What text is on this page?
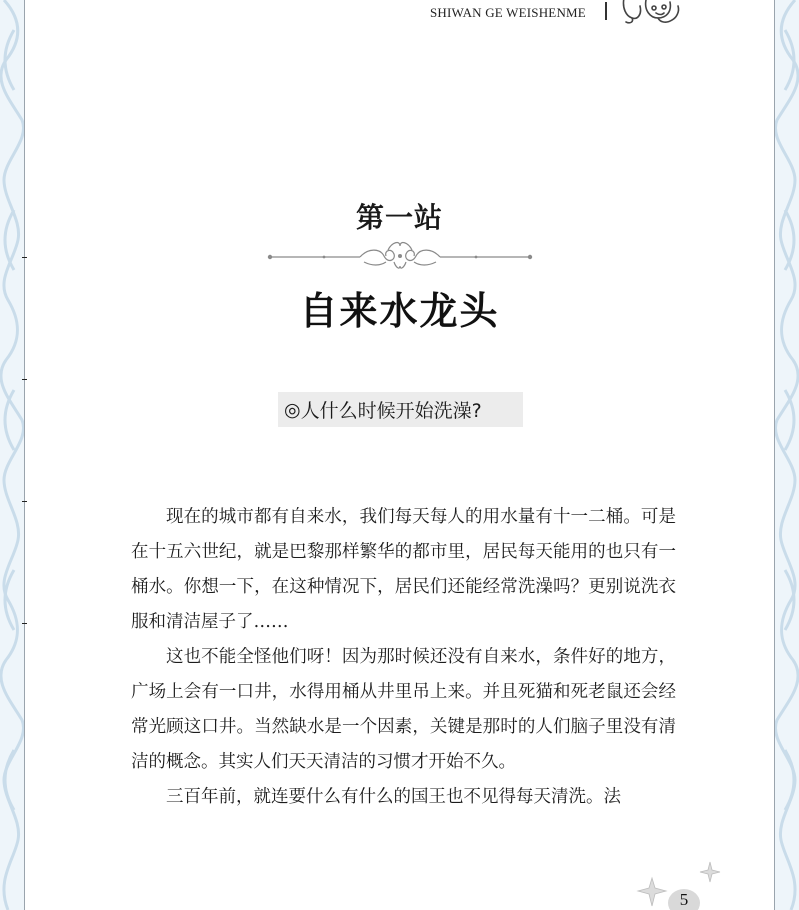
SHIWAN GE WEISHENME
第一站
自来水龙头
◎ 人什么时候开始洗澡?

现在的城市都有自来水，我们每天每人的用水量有十一二桶。可是在十五六世纪，就是巴黎那样繁华的都市里，居民每天能用的也只有一桶水。你想一下，在这种情况下，居民们还能经常洗澡吗？更别说洗衣服和清洁屋子了……

这也不能全怪他们呀！因为那时候还没有自来水，条件好的地方，广场上会有一口井，水得用桶从井里吊上来。并且死猫和死老鼠还会经常光顾这口井。当然缺水是一个因素，关键是那时的人们脑子里没有清洁的概念。其实人们天天清洁的习惯才开始不久。

三百年前，就连要什么有什么的国王也不见得每天清洗。法

5
